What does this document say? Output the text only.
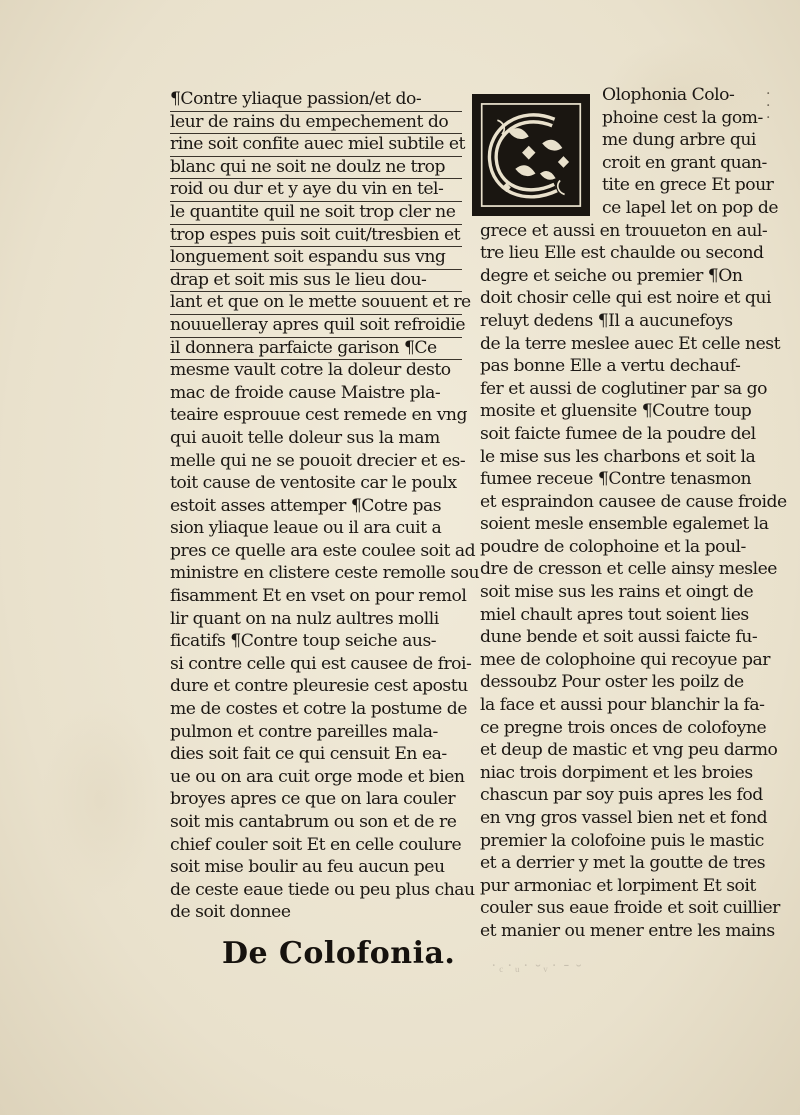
¶Contre yliaque passion/et do-
leur de rains du empechement do
rine soit confite auec miel subtile et
blanc qui ne soit ne doulz ne trop
roid ou dur et y aye du vin en tel-
le quantite quil ne soit trop cler ne
trop espes puis soit cuit/tresbien et
longuement soit espandu sus vng
drap et soit mis sus le lieu dou-
lant et que on le mette souuent et re
nouuelleray apres quil soit refroidie
il donnera parfaicte garison ¶Ce
mesme vault cotre la doleur desto
mac de froide cause Maistre pla-
teaire esprouue cest remede en vng
qui auoit telle doleur sus la mam
melle qui ne se pouoit drecier et es-
toit cause de ventosite car le poulx
estoit asses attemper ¶Cotre pas
sion yliaque leaue ou il ara cuit a
pres ce quelle ara este coulee soit ad
ministre en clistere ceste remolle sou
fisamment Et en vset on pour remol
lir quant on na nulz aultres molli
ficatifs ¶Contre toup seiche aus-
si contre celle qui est causee de froi-
dure et contre pleuresie cest apostu
me de costes et cotre la postume de
pulmon et contre pareilles mala-
dies soit fait ce qui censuit En ea-
ue ou on ara cuit orge mode et bien
broyes apres ce que on lara couler
soit mis cantabrum ou son et de re
chief couler soit Et en celle coulure
soit mise boulir au feu aucun peu
de ceste eaue tiede ou peu plus chau
de soit donnee
De Colofonia.
Olophonia Colo-
phoine cest la gom-
me dung arbre qui
croit en grant quan-
tite en grece Et pour
ce lapel let on pop de
grece et aussi en trouueton en aul-
tre lieu Elle est chaulde ou second
degre et seiche ou premier ¶On
doit chosir celle qui est noire et qui
reluyt dedens ¶Il a aucunefoys
de la terre meslee auec Et celle nest
pas bonne Elle a vertu dechauf-
fer et aussi de coglutiner par sa go
mosite et gluensite ¶Coutre toup
soit faicte fumee de la poudre del
le mise sus les charbons et soit la
fumee receue ¶Contre tenasmon
et espraindon causee de cause froide
soient mesle ensemble egalemet la
poudre de colophoine et la poul-
dre de cresson et celle ainsy meslee
soit mise sus les rains et oingt de
miel chault apres tout soient lies
dune bende et soit aussi faicte fu-
mee de colophoine qui recoyue par
dessoubz Pour oster les poilz de
la face et aussi pour blanchir la fa-
ce pregne trois onces de colofoyne
et deup de mastic et vng peu darmo
niac trois dorpiment et les broies
chascun par soy puis apres les fod
en vng gros vassel bien net et fond
premier la colofoine puis le mastic
et a derrier y met la goutte de tres
pur armoniac et lorpiment Et soit
couler sus eaue froide et soit cuillier
et manier ou mener entre les mains
˙ ͨ ˙ ͧ ˙ ˘ ͮ ˙ ˉ ˘
·
·
·
